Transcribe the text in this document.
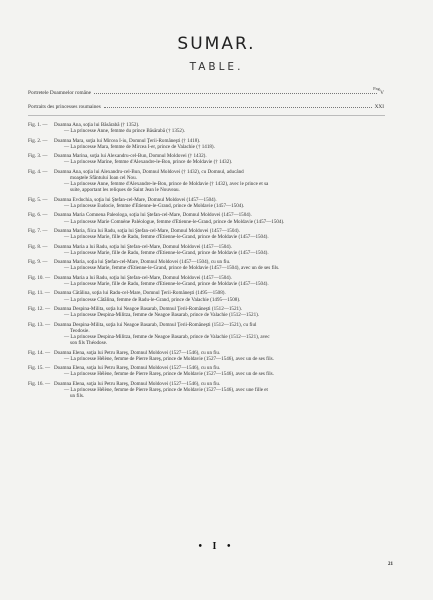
SUMAR.
TABLE.
Pag.
Portretele Doamnelor române	V
Portraits des princesses roumaines	XXI
Fig. 1. — Doamna Ana, soţia lui Băsărabă († 1352).
— La princesse Anne, femme du prince Băsărabă († 1352).
Fig. 2. — Doamna Mara, soţia lui Mircea I-iu, Domnul Ţerii-Româneşti († 1418).
— La princesse Mara, femme de Mircea I-er, prince de Valachie († 1418).
Fig. 3. — Doamna Marina, soţia lui Alexandru-cel-Bun, Domnul Moldovei († 1432).
— La princesse Marine, femme d'Alexandre-le-Bon, prince de Moldavie († 1432).
Fig. 4. — Doamna Ana, soţia lui Alexandru-cel-Bun, Domnul Moldovei († 1432), cu Domnul, aducând
moaştele Sfântului Ioan cel Nou.
— La princesse Anne, femme d'Alexandre-le-Bon, prince de Moldavie († 1432), avec le prince et sa
suite, apportant les reliques de Saint Jean le Nouveau.
Fig. 5. — Doamna Evdochia, soţia lui Ştefan-cel-Mare, Domnul Moldovei (1457—1504).
— La princesse Eudocie, femme d'Etienne-le-Grand, prince de Moldavie (1457—1504).
Fig. 6. — Doamna Maria Comnena Paleologa, soţia lui Ştefan-cel-Mare, Domnul Moldovei (1457—1504).
— La princesse Marie Comnène Paléologue, femme d'Etienne-le-Grand, prince de Moldavie (1457—1504).
Fig. 7. — Doamna Maria, fiica lui Radu, soţia lui Ştefan-cel-Mare, Domnul Moldovei (1457—1504).
— La princesse Marie, fille de Radu, femme d'Etienne-le-Grand, prince de Moldavie (1457—1504).
Fig. 8. — Doamna Maria a lui Radu, soţia lui Ştefan-cel-Mare, Domnul Moldovei (1457—1504).
— La princesse Marie, fille de Radu, femme d'Etienne-le-Grand, prince de Moldavie (1457—1504).
Fig. 9. — Doamna Maria, soţia lui Ştefan-cel-Mare, Domnul Moldovei (1457—1504), cu un fiu.
— La princesse Marie, femme d'Etienne-le-Grand, prince de Moldavie (1457—1504), avec un de ses fils.
Fig. 10. — Doamna Maria a lui Radu, soţia lui Ştefan-cel-Mare, Domnul Moldovei (1457—1504).
— La princesse Marie, fille de Radu, femme d'Etienne-le-Grand, prince de Moldavie (1457—1504).
Fig. 11. — Doamna Cătălina, soţia lui Radu-cel-Mare, Domnul Ţerii-Româneşti (1495—1508).
— La princesse Cătălina, femme de Radu-le-Grand, prince de Valachie (1495—1508).
Fig. 12. — Doamna Despina-Milita, soţia lui Neagoe Basarab, Domnul Ţerii-Româneşti (1512—1521).
— La princesse Despina-Militza, femme de Neagoe Basarab, prince de Valachie (1512—1521).
Fig. 13. — Doamna Despina-Milita, soţia lui Neagoe Basarab, Domnul Ţerii-Româneşti (1512—1521), cu fiul
Teodosie.
— La princesse Despina-Militza, femme de Neagoe Basarab, prince de Valachie (1512—1521), avec
son fils Théodose.
Fig. 14. — Doamna Elena, soţia lui Petru Rareş, Domnul Moldovei (1527—1546), cu un fiu.
— La princesse Hélène, femme de Pierre Rareş, prince de Moldavie (1527—1546), avec un de ses fils.
Fig. 15. — Doamna Elena, soţia lui Petru Rareş, Domnul Moldovei (1527—1546), cu un fiu.
— La princesse Hélène, femme de Pierre Rareş, prince de Moldavie (1527—1546), avec un de ses fils.
Fig. 16. — Doamna Elena, soţia lui Petru Rareş, Domnul Moldovei (1527—1546), cu un fiu.
— La princesse Hélène, femme de Pierre Rareş, prince de Moldavie (1527—1546), avec une fille et
un fils.
• I •
21
